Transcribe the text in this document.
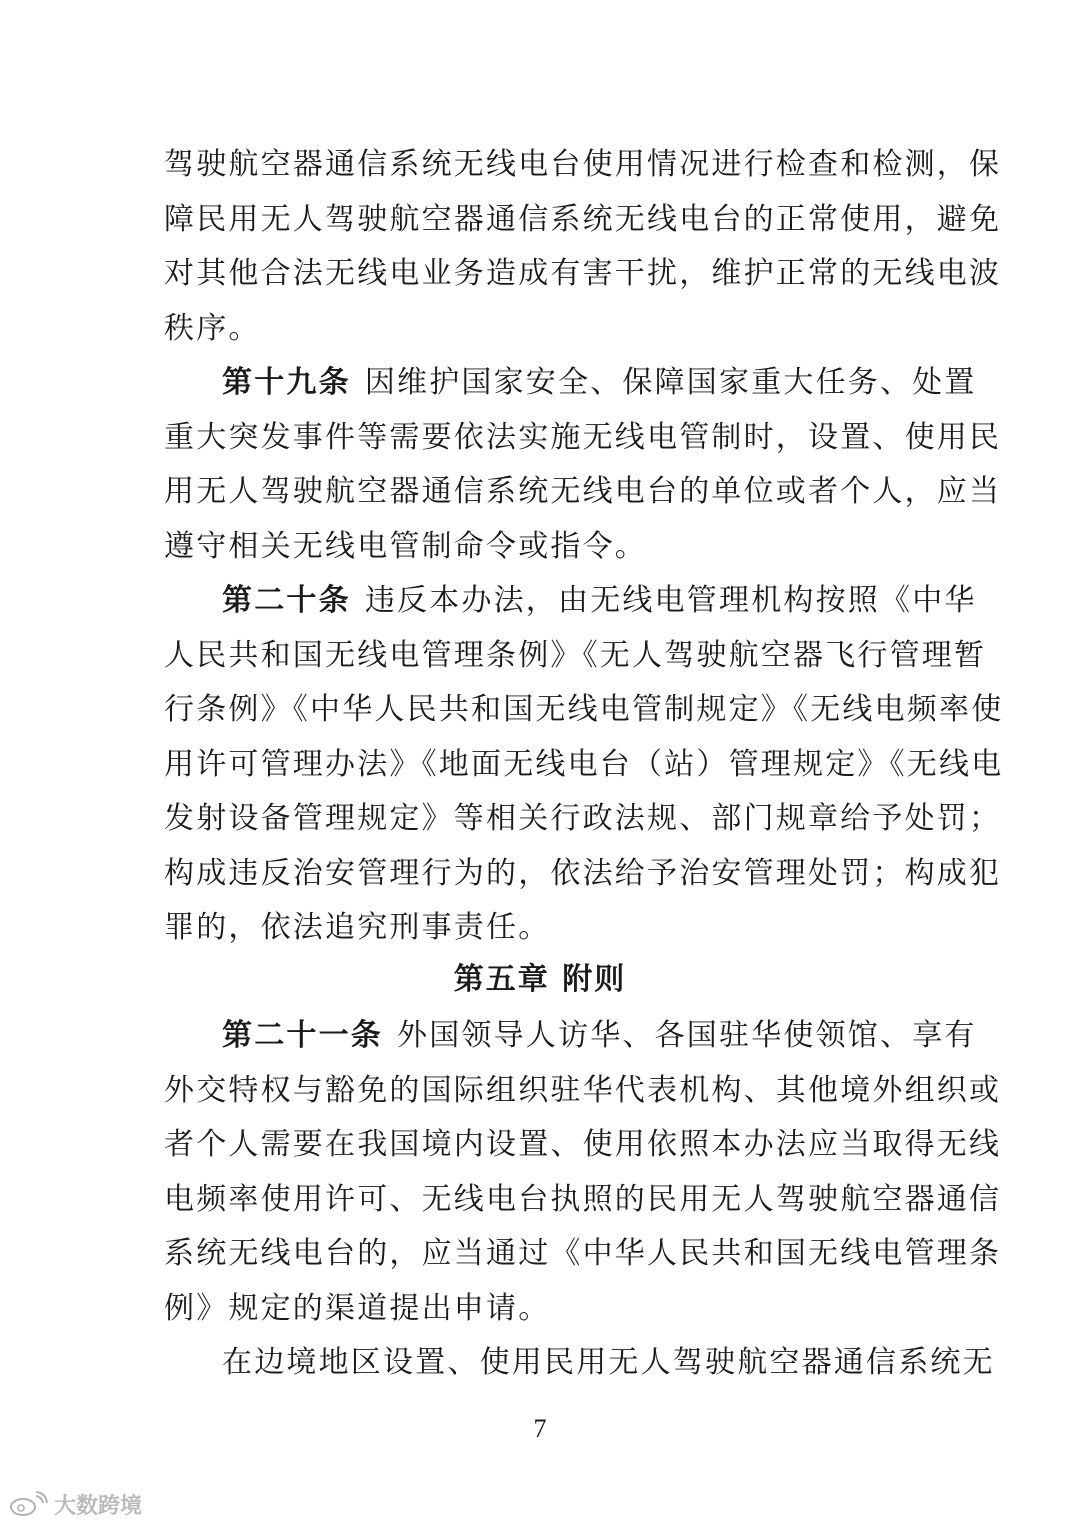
驾驶航空器通信系统无线电台使用情况进行检查和检测，保
障民用无人驾驶航空器通信系统无线电台的正常使用，避免
对其他合法无线电业务造成有害干扰，维护正常的无线电波
秩序。
第十九条 因维护国家安全、保障国家重大任务、处置
重大突发事件等需要依法实施无线电管制时，设置、使用民
用无人驾驶航空器通信系统无线电台的单位或者个人，应当
遵守相关无线电管制命令或指令。
第二十条 违反本办法，由无线电管理机构按照《中华
人民共和国无线电管理条例》《无人驾驶航空器飞行管理暂
行条例》《中华人民共和国无线电管制规定》《无线电频率使
用许可管理办法》《地面无线电台（站）管理规定》《无线电
发射设备管理规定》等相关行政法规、部门规章给予处罚；
构成违反治安管理行为的，依法给予治安管理处罚；构成犯
罪的，依法追究刑事责任。
第五章 附则
第二十一条 外国领导人访华、各国驻华使领馆、享有
外交特权与豁免的国际组织驻华代表机构、其他境外组织或
者个人需要在我国境内设置、使用依照本办法应当取得无线
电频率使用许可、无线电台执照的民用无人驾驶航空器通信
系统无线电台的，应当通过《中华人民共和国无线电管理条
例》规定的渠道提出申请。
在边境地区设置、使用民用无人驾驶航空器通信系统无
7
大数跨境
